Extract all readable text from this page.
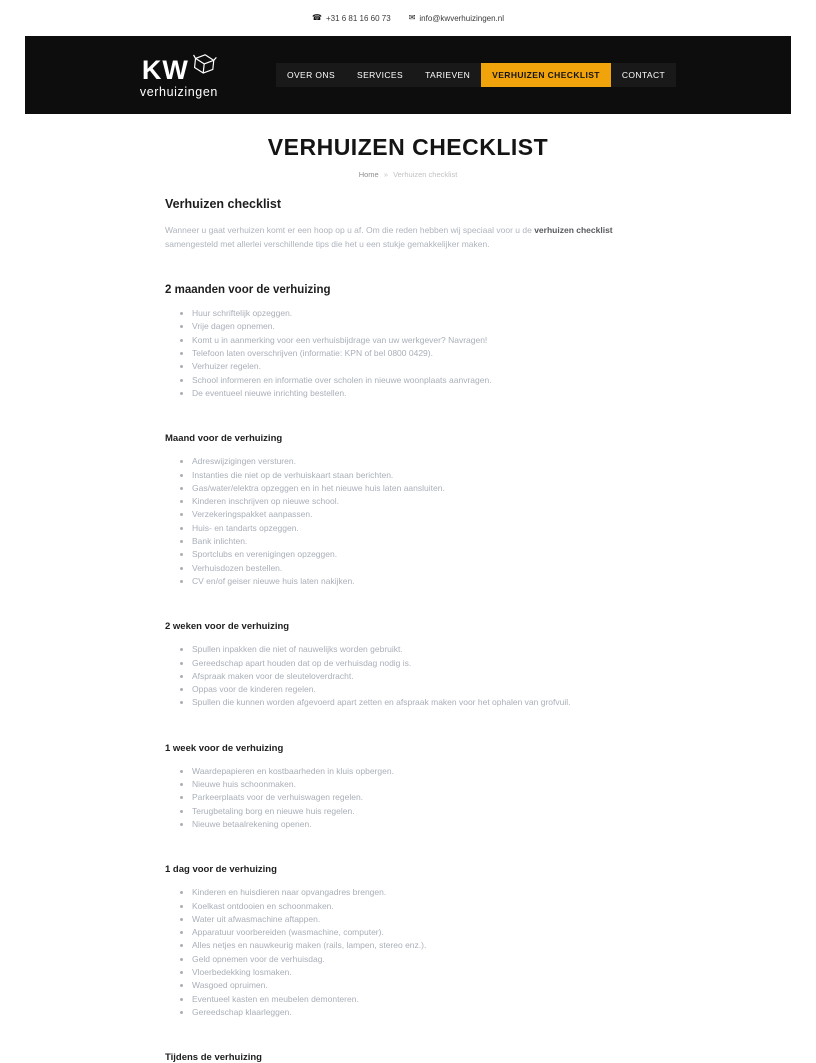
☎ +31 6 81 16 60 73 ✉ info@kwverhuizingen.nl
KW
verhuizingen
OVER ONS	SERVICES	TARIEVEN	VERHUIZEN CHECKLIST	CONTACT
VERHUIZEN CHECKLIST
Home » Verhuizen checklist
Verhuizen checklist

Wanneer u gaat verhuizen komt er een hoop op u af. Om die reden hebben wij speciaal voor u de verhuizen checklist samengesteld met allerlei verschillende tips die het u een stukje gemakkelijker maken.

2 maanden voor de verhuizing
• Huur schriftelijk opzeggen.
• Vrije dagen opnemen.
• Komt u in aanmerking voor een verhuisbijdrage van uw werkgever? Navragen!
• Telefoon laten overschrijven (informatie: KPN of bel 0800 0429).
• Verhuizer regelen.
• School informeren en informatie over scholen in nieuwe woonplaats aanvragen.
• De eventueel nieuwe inrichting bestellen.
Maand voor de verhuizing
• Adreswijzigingen versturen.
• Instanties die niet op de verhuiskaart staan berichten.
• Gas/water/elektra opzeggen en in het nieuwe huis laten aansluiten.
• Kinderen inschrijven op nieuwe school.
• Verzekeringspakket aanpassen.
• Huis- en tandarts opzeggen.
• Bank inlichten.
• Sportclubs en verenigingen opzeggen.
• Verhuisdozen bestellen.
• CV en/of geiser nieuwe huis laten nakijken.
2 weken voor de verhuizing
• Spullen inpakken die niet of nauwelijks worden gebruikt.
• Gereedschap apart houden dat op de verhuisdag nodig is.
• Afspraak maken voor de sleuteloverdracht.
• Oppas voor de kinderen regelen.
• Spullen die kunnen worden afgevoerd apart zetten en afspraak maken voor het ophalen van grofvuil.
1 week voor de verhuizing
• Waardepapieren en kostbaarheden in kluis opbergen.
• Nieuwe huis schoonmaken.
• Parkeerplaats voor de verhuiswagen regelen.
• Terugbetaling borg en nieuwe huis regelen.
• Nieuwe betaalrekening openen.
1 dag voor de verhuizing
• Kinderen en huisdieren naar opvangadres brengen.
• Koelkast ontdooien en schoonmaken.
• Water uit afwasmachine aftappen.
• Apparatuur voorbereiden (wasmachine, computer).
• Alles netjes en nauwkeurig maken (rails, lampen, stereo enz.).
• Geld opnemen voor de verhuisdag.
• Vloerbedekking losmaken.
• Wasgoed opruimen.
• Eventueel kasten en meubelen demonteren.
• Gereedschap klaarleggen.
Tijdens de verhuizing
